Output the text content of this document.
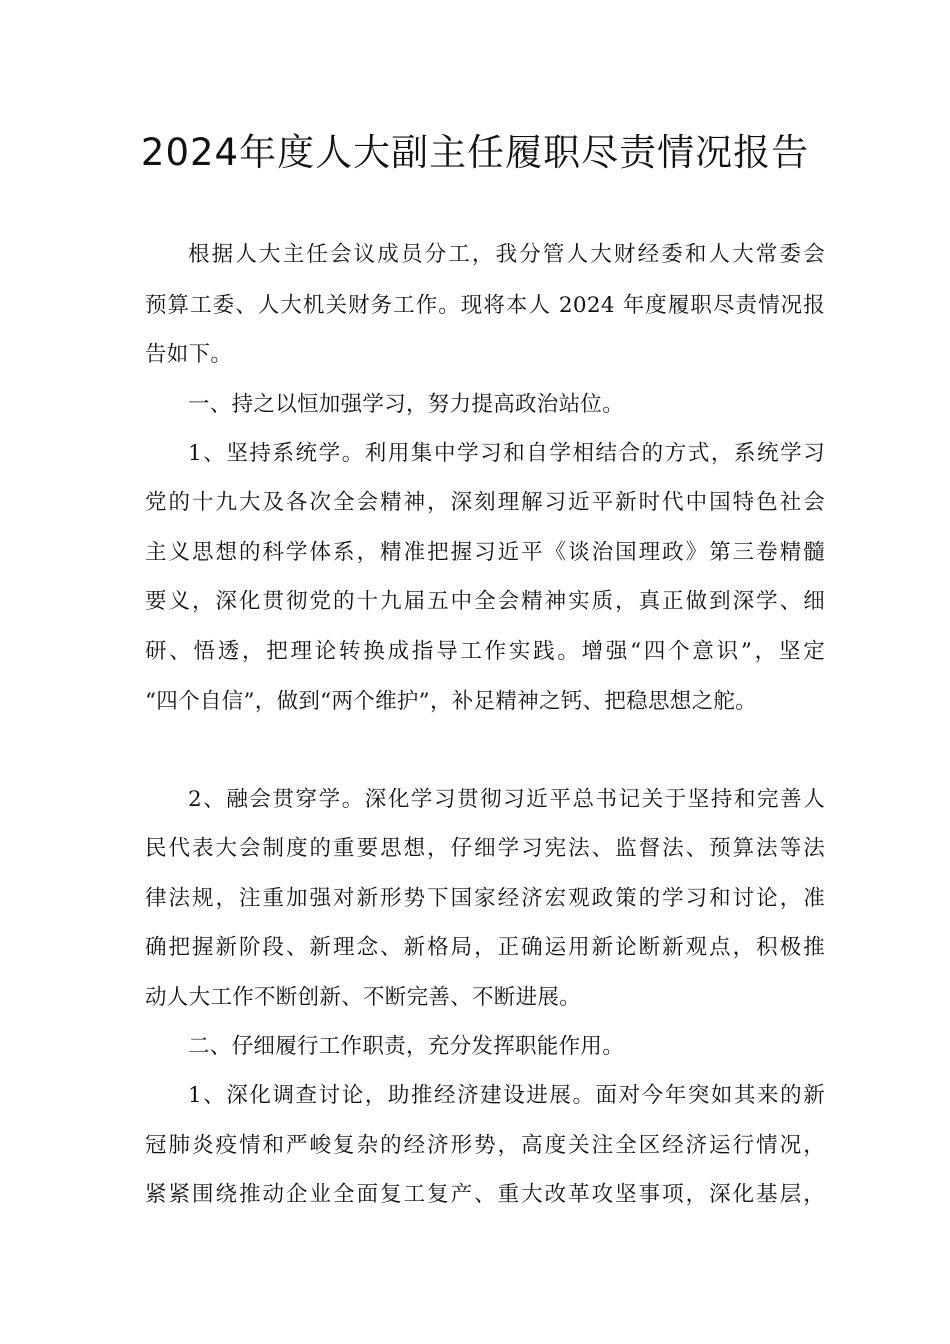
2024年度人大副主任履职尽责情况报告
根据人大主任会议成员分工，我分管人大财经委和人大常委会
预算工委、人大机关财务工作。现将本人 2024 年度履职尽责情况报
告如下。
一、持之以恒加强学习，努力提高政治站位。
1、坚持系统学。利用集中学习和自学相结合的方式，系统学习
党的十九大及各次全会精神，深刻理解习近平新时代中国特色社会
主义思想的科学体系，精准把握习近平《谈治国理政》第三卷精髓
要义，深化贯彻党的十九届五中全会精神实质，真正做到深学、细
研、悟透，把理论转换成指导工作实践。增强“四个意识”，坚定
“四个自信”，做到“两个维护”，补足精神之钙、把稳思想之舵。
2、融会贯穿学。深化学习贯彻习近平总书记关于坚持和完善人
民代表大会制度的重要思想，仔细学习宪法、监督法、预算法等法
律法规，注重加强对新形势下国家经济宏观政策的学习和讨论，准
确把握新阶段、新理念、新格局，正确运用新论断新观点，积极推
动人大工作不断创新、不断完善、不断进展。
二、仔细履行工作职责，充分发挥职能作用。
1、深化调查讨论，助推经济建设进展。面对今年突如其来的新
冠肺炎疫情和严峻复杂的经济形势，高度关注全区经济运行情况，
紧紧围绕推动企业全面复工复产、重大改革攻坚事项，深化基层，
